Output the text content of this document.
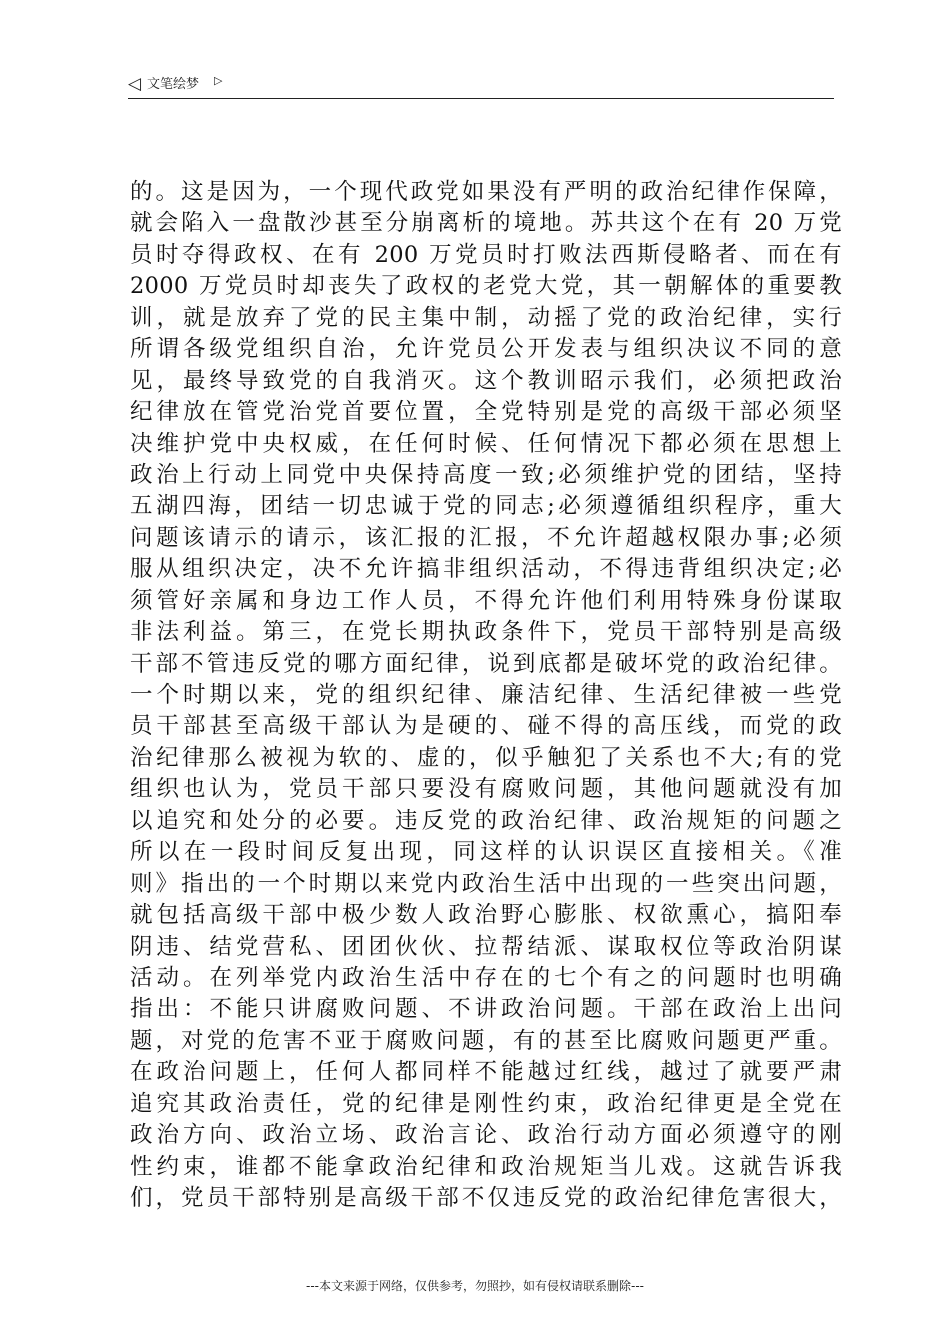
◁ 文笔绘梦 ▷
的。这是因为，一个现代政党如果没有严明的政治纪律作保障，
就会陷入一盘散沙甚至分崩离析的境地。苏共这个在有 20 万党
员时夺得政权、在有 200 万党员时打败法西斯侵略者、而在有
2000 万党员时却丧失了政权的老党大党，其一朝解体的重要教
训，就是放弃了党的民主集中制，动摇了党的政治纪律，实行
所谓各级党组织自治，允许党员公开发表与组织决议不同的意
见，最终导致党的自我消灭。这个教训昭示我们，必须把政治
纪律放在管党治党首要位置，全党特别是党的高级干部必须坚
决维护党中央权威，在任何时候、任何情况下都必须在思想上
政治上行动上同党中央保持高度一致;必须维护党的团结，坚持
五湖四海，团结一切忠诚于党的同志;必须遵循组织程序，重大
问题该请示的请示，该汇报的汇报，不允许超越权限办事;必须
服从组织决定，决不允许搞非组织活动，不得违背组织决定;必
须管好亲属和身边工作人员，不得允许他们利用特殊身份谋取
非法利益。第三，在党长期执政条件下，党员干部特别是高级
干部不管违反党的哪方面纪律，说到底都是破坏党的政治纪律。
一个时期以来，党的组织纪律、廉洁纪律、生活纪律被一些党
员干部甚至高级干部认为是硬的、碰不得的高压线，而党的政
治纪律那么被视为软的、虚的，似乎触犯了关系也不大;有的党
组织也认为，党员干部只要没有腐败问题，其他问题就没有加
以追究和处分的必要。违反党的政治纪律、政治规矩的问题之
所以在一段时间反复出现，同这样的认识误区直接相关。《准
则》指出的一个时期以来党内政治生活中出现的一些突出问题，
就包括高级干部中极少数人政治野心膨胀、权欲熏心，搞阳奉
阴违、结党营私、团团伙伙、拉帮结派、谋取权位等政治阴谋
活动。在列举党内政治生活中存在的七个有之的问题时也明确
指出：不能只讲腐败问题、不讲政治问题。干部在政治上出问
题，对党的危害不亚于腐败问题，有的甚至比腐败问题更严重。
在政治问题上，任何人都同样不能越过红线，越过了就要严肃
追究其政治责任，党的纪律是刚性约束，政治纪律更是全党在
政治方向、政治立场、政治言论、政治行动方面必须遵守的刚
性约束，谁都不能拿政治纪律和政治规矩当儿戏。这就告诉我
们，党员干部特别是高级干部不仅违反党的政治纪律危害很大，
---本文来源于网络，仅供参考，勿照抄，如有侵权请联系删除---
